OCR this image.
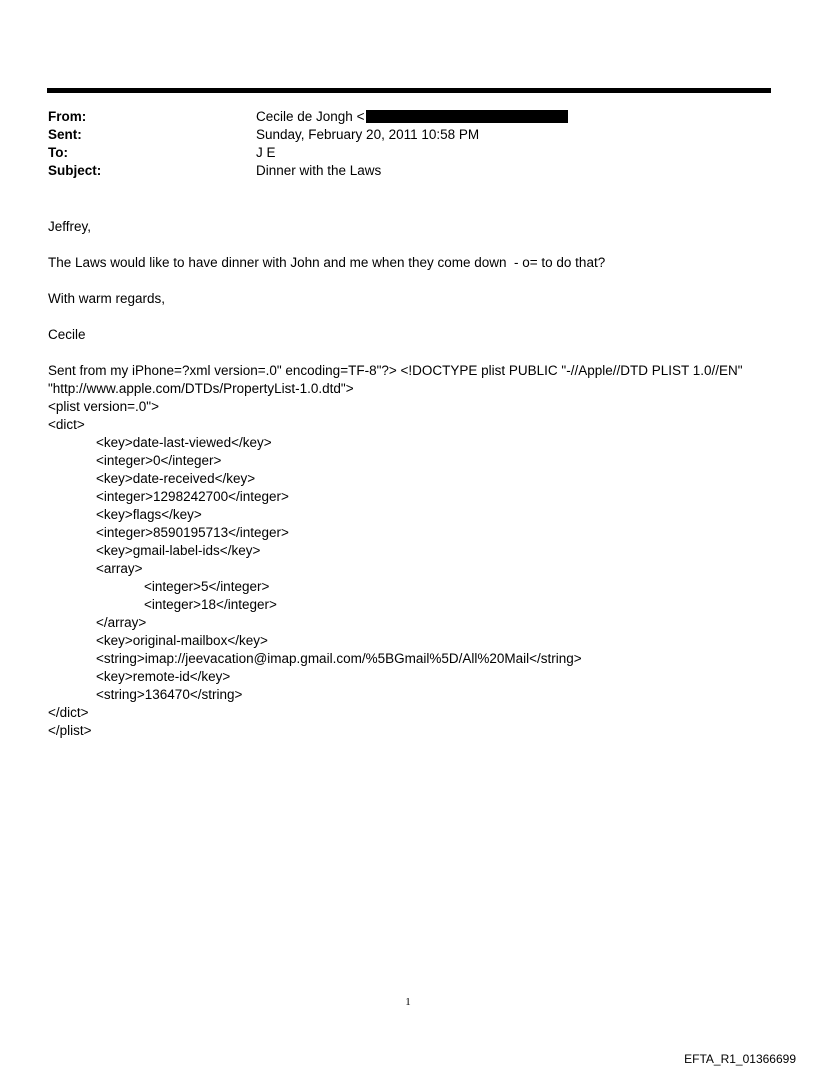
From:	Cecile de Jongh <
Sent:	Sunday, February 20, 2011 10:58 PM
To:	J E
Subject:	Dinner with the Laws

Jeffrey,

The Laws would like to have dinner with John and me when they come down  - o= to do that?

With warm regards,

Cecile

Sent from my iPhone=?xml version=.0" encoding=TF-8"?> <!DOCTYPE plist PUBLIC "-//Apple//DTD PLIST 1.0//EN"
"http://www.apple.com/DTDs/PropertyList-1.0.dtd">
<plist version=.0">
<dict>
<key>date-last-viewed</key>
<integer>0</integer>
<key>date-received</key>
<integer>1298242700</integer>
<key>flags</key>
<integer>8590195713</integer>
<key>gmail-label-ids</key>
<array>
<integer>5</integer>
<integer>18</integer>
</array>
<key>original-mailbox</key>
<string>imap://jeevacation@imap.gmail.com/%5BGmail%5D/All%20Mail</string>
<key>remote-id</key>
<string>136470</string>
</dict>
</plist>
1
EFTA_R1_01366699
